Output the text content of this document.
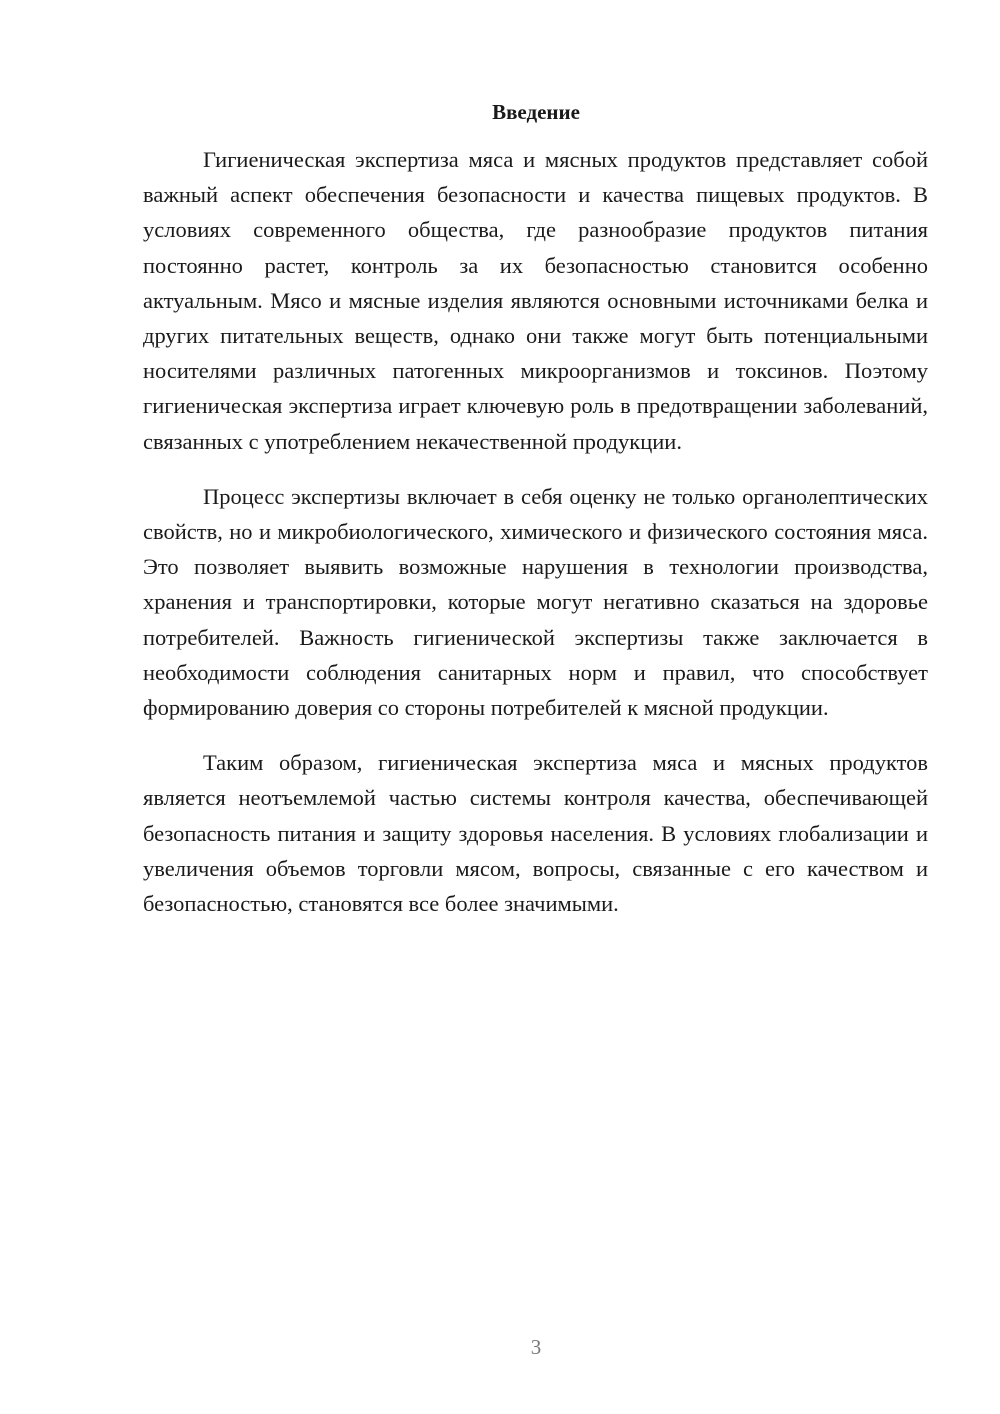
Введение

Гигиеническая экспертиза мяса и мясных продуктов представляет собой важный аспект обеспечения безопасности и качества пищевых продуктов. В условиях современного общества, где разнообразие продуктов питания постоянно растет, контроль за их безопасностью становится особенно актуальным. Мясо и мясные изделия являются основными источниками белка и других питательных веществ, однако они также могут быть потенциальными носителями различных патогенных микроорганизмов и токсинов. Поэтому гигиеническая экспертиза играет ключевую роль в предотвращении заболеваний, связанных с употреблением некачественной продукции.

Процесс экспертизы включает в себя оценку не только органолептических свойств, но и микробиологического, химического и физического состояния мяса. Это позволяет выявить возможные нарушения в технологии производства, хранения и транспортировки, которые могут негативно сказаться на здоровье потребителей. Важность гигиенической экспертизы также заключается в необходимости соблюдения санитарных норм и правил, что способствует формированию доверия со стороны потребителей к мясной продукции.

Таким образом, гигиеническая экспертиза мяса и мясных продуктов является неотъемлемой частью системы контроля качества, обеспечивающей безопасность питания и защиту здоровья населения. В условиях глобализации и увеличения объемов торговли мясом, вопросы, связанные с его качеством и безопасностью, становятся все более значимыми.

3
